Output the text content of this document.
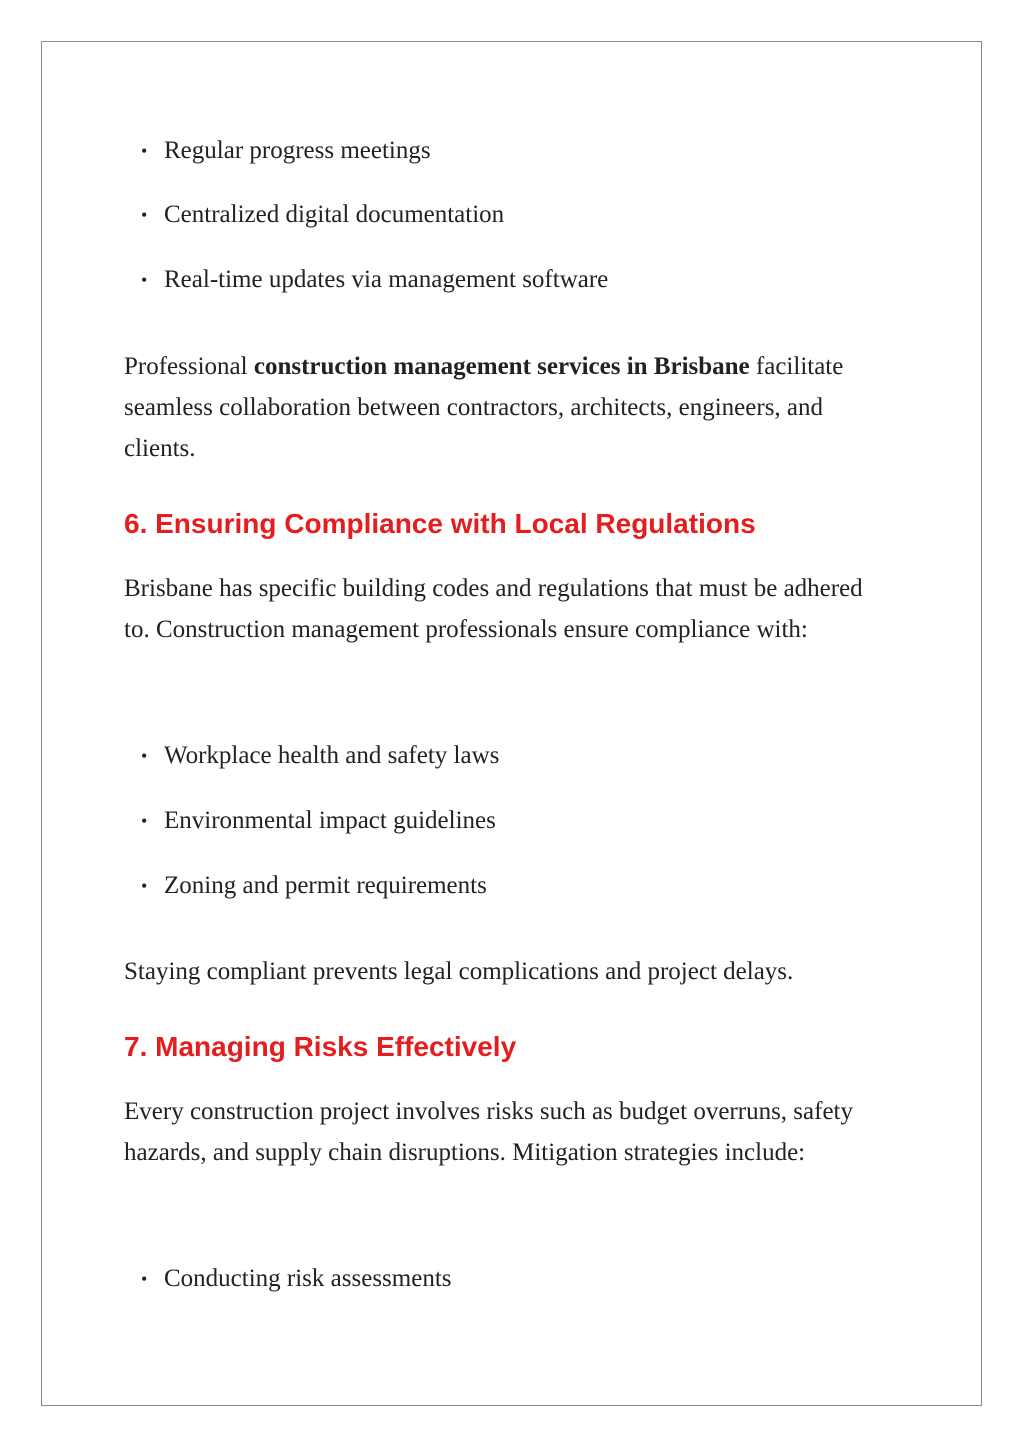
• Regular progress meetings
• Centralized digital documentation
• Real-time updates via management software
Professional construction management services in Brisbane facilitate seamless collaboration between contractors, architects, engineers, and clients.
6. Ensuring Compliance with Local Regulations
Brisbane has specific building codes and regulations that must be adhered to. Construction management professionals ensure compliance with:
• Workplace health and safety laws
• Environmental impact guidelines
• Zoning and permit requirements
Staying compliant prevents legal complications and project delays.
7. Managing Risks Effectively
Every construction project involves risks such as budget overruns, safety hazards, and supply chain disruptions. Mitigation strategies include:
• Conducting risk assessments
